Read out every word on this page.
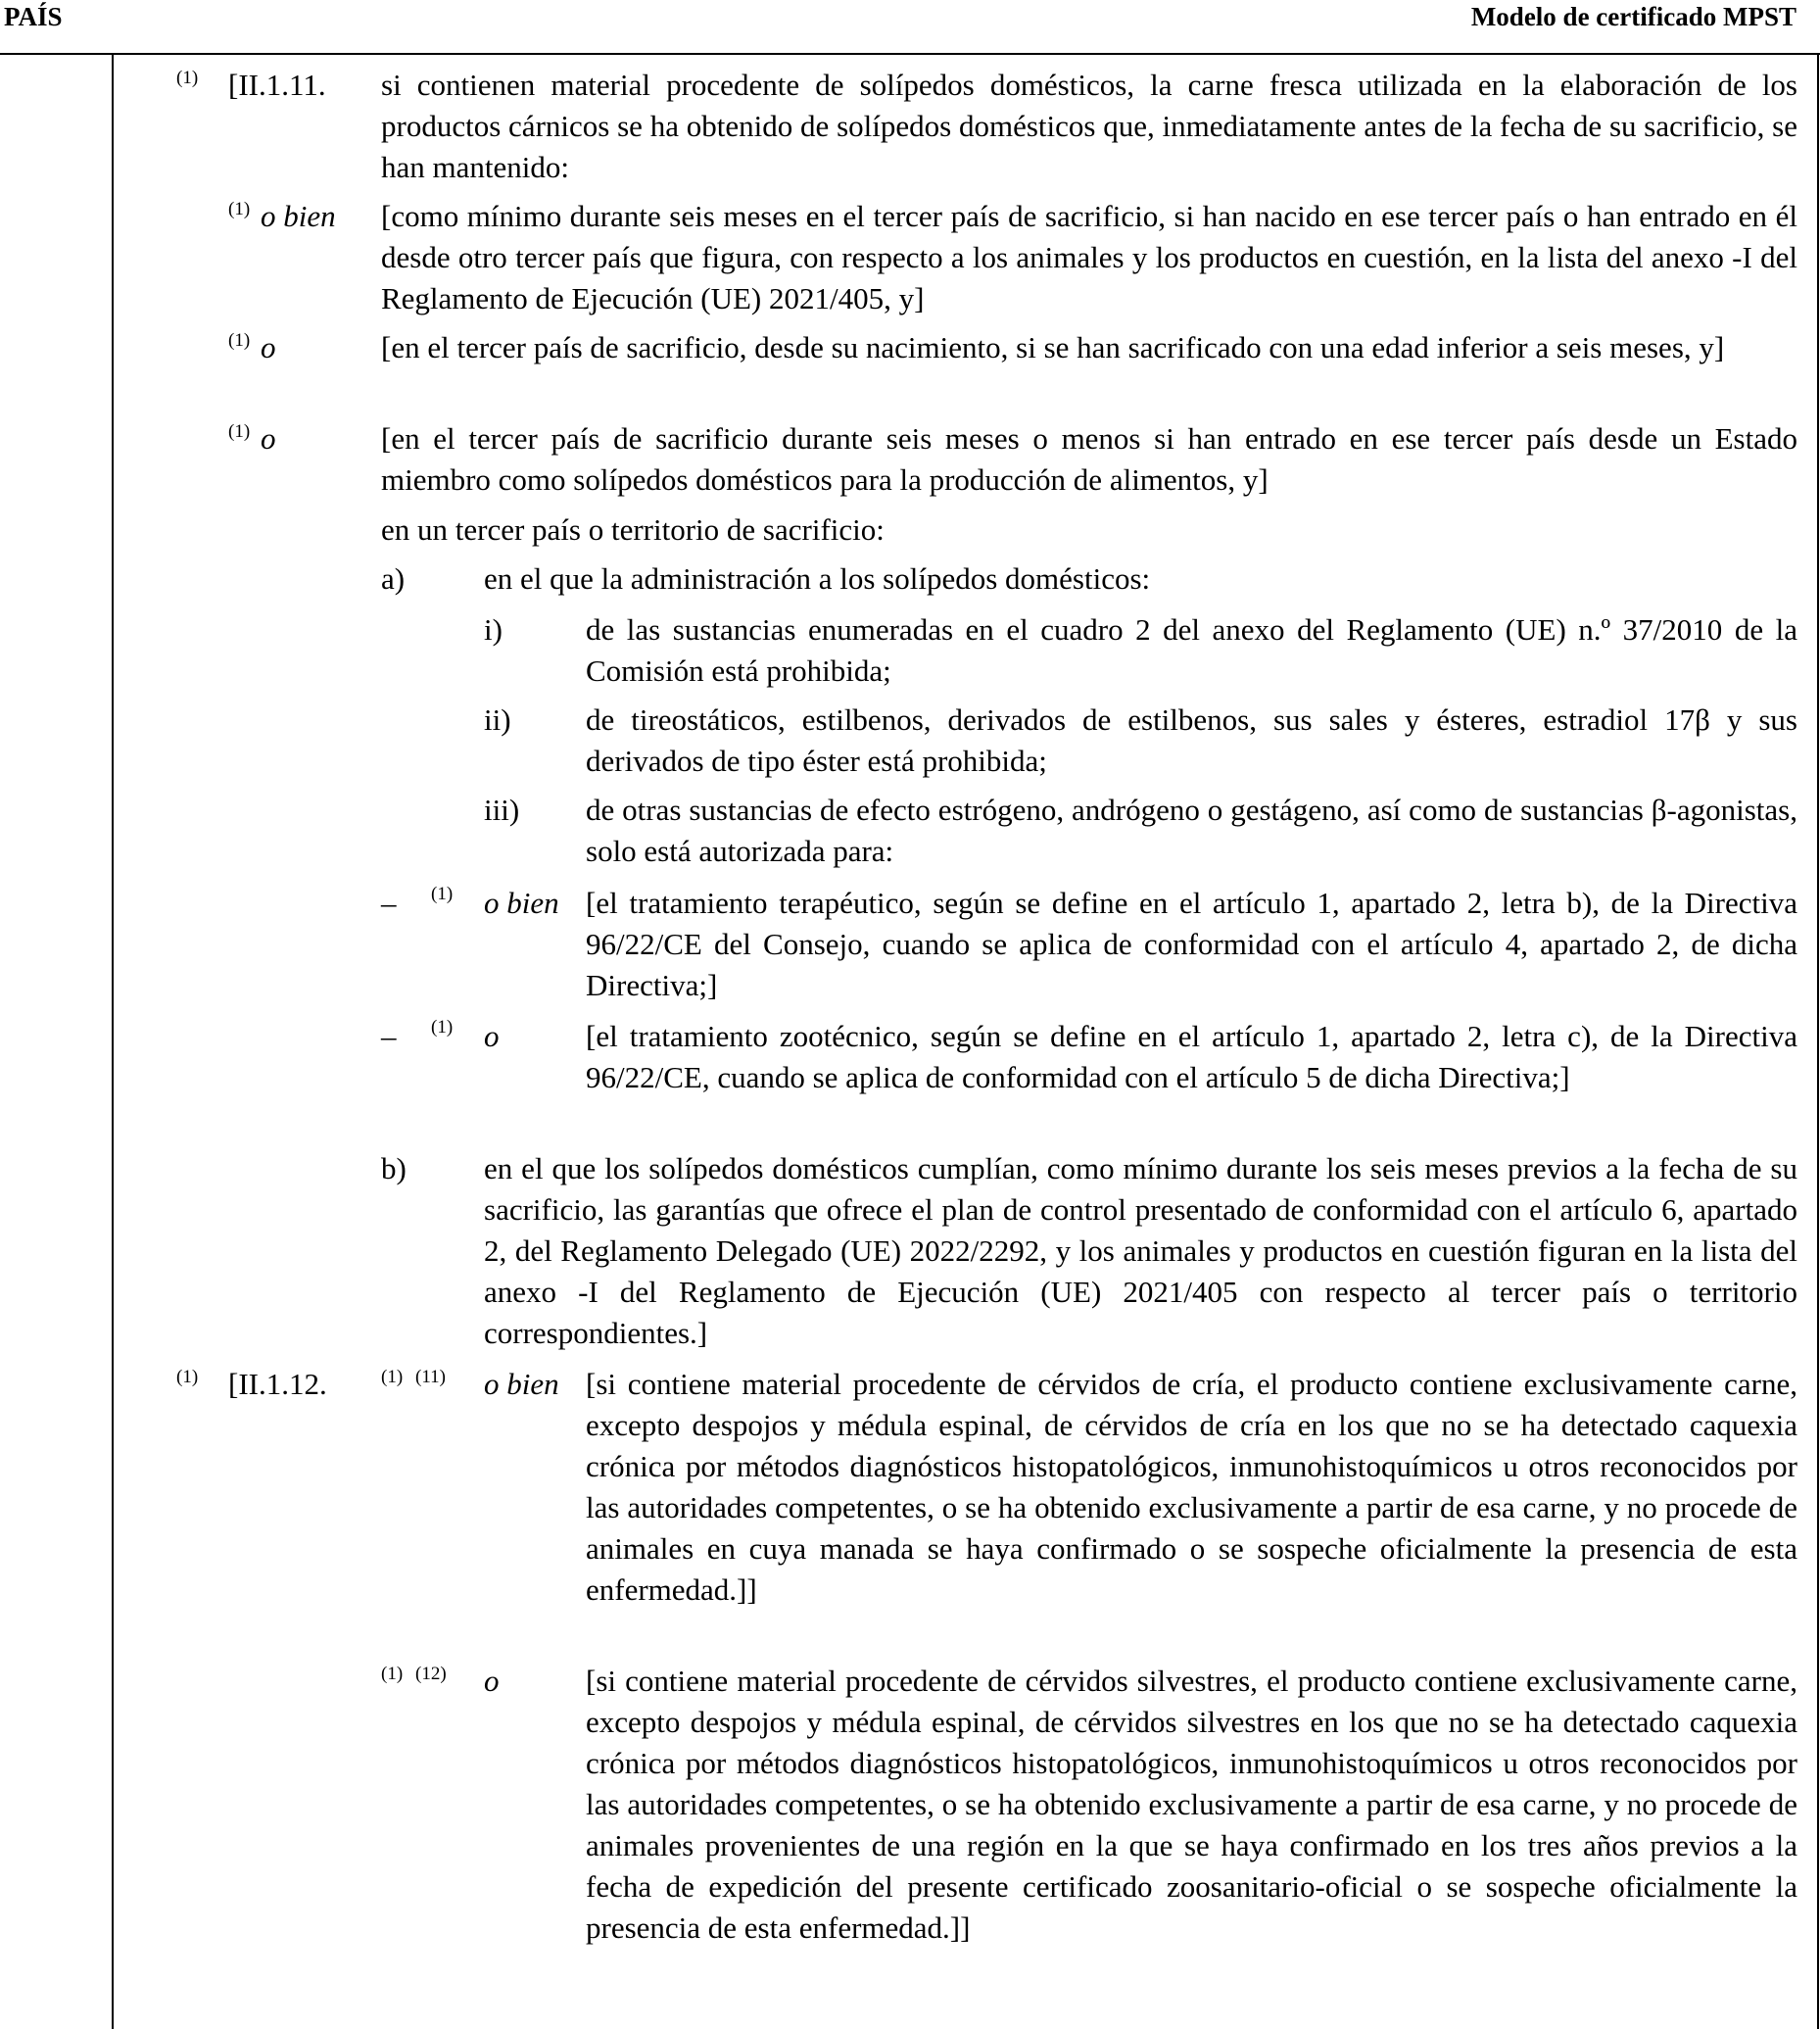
PAÍS	Modelo de certificado MPST
(1) [II.1.11. si contienen material procedente de solípedos domésticos, la carne fresca utilizada en la elaboración de los productos cárnicos se ha obtenido de solípedos domésticos que, inmediatamente antes de la fecha de su sacrificio, se han mantenido:
(1) o bien [como mínimo durante seis meses en el tercer país de sacrificio, si han nacido en ese tercer país o han entrado en él desde otro tercer país que figura, con respecto a los animales y los productos en cuestión, en la lista del anexo -I del Reglamento de Ejecución (UE) 2021/405, y]
(1) o	[en el tercer país de sacrificio, desde su nacimiento, si se han sacrificado con una edad inferior a seis meses, y]
(1) o	[en el tercer país de sacrificio durante seis meses o menos si han entrado en ese tercer país desde un Estado miembro como solípedos domésticos para la producción de alimentos, y]
en un tercer país o territorio de sacrificio:
a)	en el que la administración a los solípedos domésticos:
i)	de las sustancias enumeradas en el cuadro 2 del anexo del Reglamento (UE) n.º 37/2010 de la Comisión está prohibida;
ii) de tireostáticos, estilbenos, derivados de estilbenos, sus sales y ésteres, estradiol 17β y sus derivados de tipo éster está prohibida;
iii) de otras sustancias de efecto estrógeno, andrógeno o gestágeno, así como de sustancias β-agonistas, solo está autorizada para:
– (1) o bien [el tratamiento terapéutico, según se define en el artículo 1, apartado 2, letra b), de la Directiva 96/22/CE del Consejo, cuando se aplica de conformidad con el artículo 4, apartado 2, de dicha Directiva;]
– (1) o	[el tratamiento zootécnico, según se define en el artículo 1, apartado 2, letra c), de la Directiva 96/22/CE, cuando se aplica de conformidad con el artículo 5 de dicha Directiva;]
b)	en el que los solípedos domésticos cumplían, como mínimo durante los seis meses previos a la fecha de su sacrificio, las garantías que ofrece el plan de control presentado de conformidad con el artículo 6, apartado 2, del Reglamento Delegado (UE) 2022/2292, y los animales y productos en cuestión figuran en la lista del anexo -I del Reglamento de Ejecución (UE) 2021/405 con respecto al tercer país o territorio correspondientes.]
(1) [II.1.12.	(1) (11) o bien [si contiene material procedente de cérvidos de cría, el producto contiene exclusivamente carne, excepto despojos y médula espinal, de cérvidos de cría en los que no se ha detectado caquexia crónica por métodos diagnósticos histopatológicos, inmunohistoquímicos u otros reconocidos por las autoridades competentes, o se ha obtenido exclusivamente a partir de esa carne, y no procede de animales en cuya manada se haya confirmado o se sospeche oficialmente la presencia de esta enfermedad.]]
(1) (12) o	[si contiene material procedente de cérvidos silvestres, el producto contiene exclusivamente carne, excepto despojos y médula espinal, de cérvidos silvestres en los que no se ha detectado caquexia crónica por métodos diagnósticos histopatológicos, inmunohistoquímicos u otros reconocidos por las autoridades competentes, o se ha obtenido exclusivamente a partir de esa carne, y no procede de animales provenientes de una región en la que se haya confirmado en los tres años previos a la fecha de expedición del presente certificado zoosanitario-oficial o se sospeche oficialmente la presencia de esta enfermedad.]]
